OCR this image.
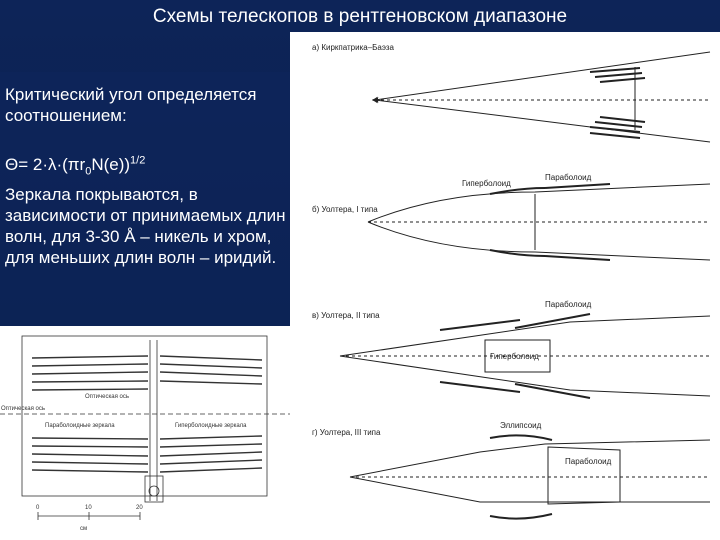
Схемы телескопов в рентгеновском диапазоне

Критический угол определяется соотношением:

$\Theta= 2\cdot\lambda\cdot(\pi r_0N(e))^{1/2}$

Зеркала покрываются, в зависимости от принимаемых длин волн, для 3-30 Å – никель и хром, для меньших длин волн – иридий.

а) Киркпатрика–Баэза
б) Уолтера, I типа
Гиперболоид
Параболоид
в) Уолтера, II типа
Параболоид
Гиперболоид
г) Уолтера, III типа
Эллипсоид
Параболоид
Оптическая ось
Параболоидные зеркала	Гиперболоидные зеркала
Оптическая ось
0	10	20
см
